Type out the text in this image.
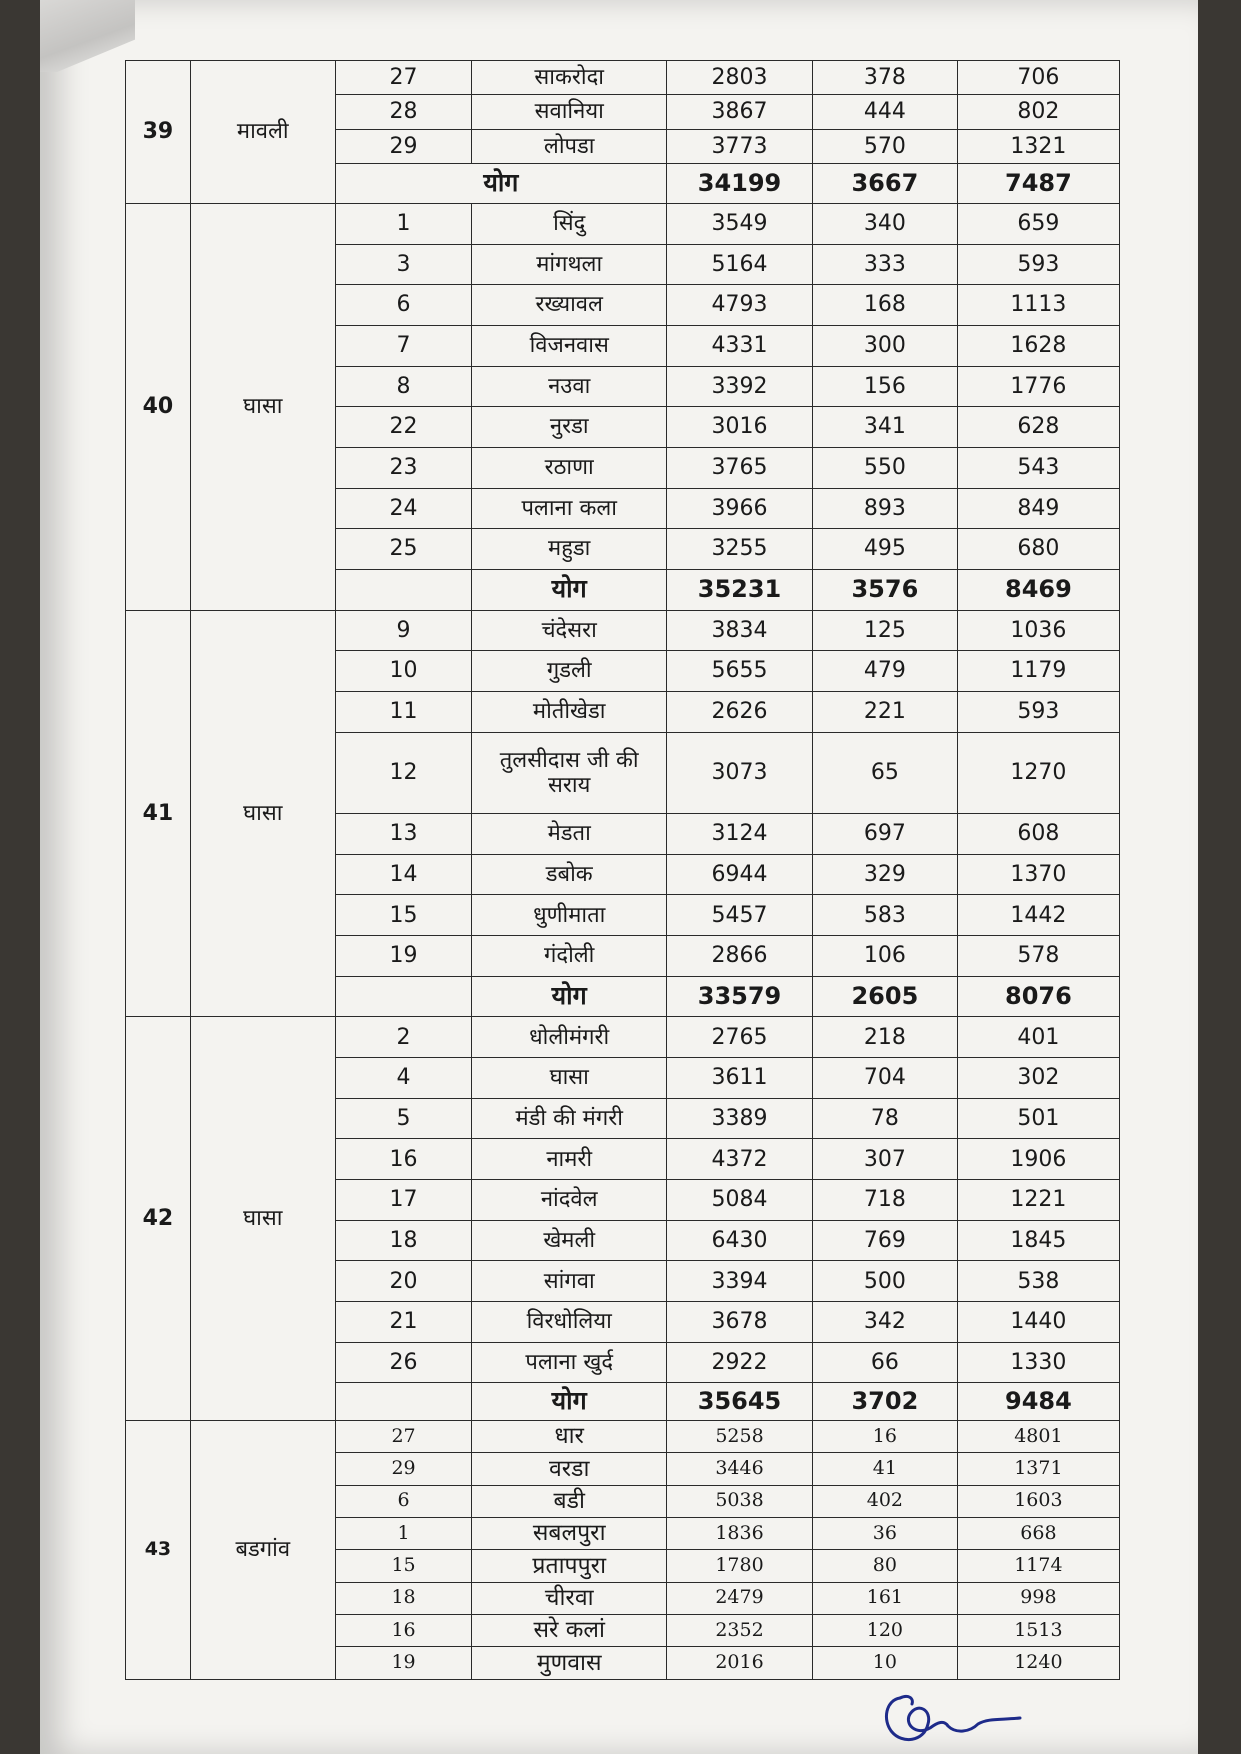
39	मावली	27	साकरोदा	2803	378	706
		28	सवानिया	3867	444	802
		29	लोपडा	3773	570	1321
		योग		34199	3667	7487
40	घासा	1	सिंदु	3549	340	659
		3	मांगथला	5164	333	593
		6	रख्यावल	4793	168	1113
		7	विजनवास	4331	300	1628
		8	नउवा	3392	156	1776
		22	नुरडा	3016	341	628
		23	रठाणा	3765	550	543
		24	पलाना कला	3966	893	849
		25	महुडा	3255	495	680
			योग	35231	3576	8469
41	घासा	9	चंदेसरा	3834	125	1036
		10	गुडली	5655	479	1179
		11	मोतीखेडा	2626	221	593
		12	तुलसीदास जी की सराय	3073	65	1270
		13	मेडता	3124	697	608
		14	डबोक	6944	329	1370
		15	धुणीमाता	5457	583	1442
		19	गंदोली	2866	106	578
			योग	33579	2605	8076
42	घासा	2	धोलीमंगरी	2765	218	401
		4	घासा	3611	704	302
		5	मंडी की मंगरी	3389	78	501
		16	नामरी	4372	307	1906
		17	नांदवेल	5084	718	1221
		18	खेमली	6430	769	1845
		20	सांगवा	3394	500	538
		21	विरधोलिया	3678	342	1440
		26	पलाना खुर्द	2922	66	1330
			योग	35645	3702	9484
43	बडगांव	27	धार	5258	16	4801
		29	वरडा	3446	41	1371
		6	बडी	5038	402	1603
		1	सबलपुरा	1836	36	668
		15	प्रतापपुरा	1780	80	1174
		18	चीरवा	2479	161	998
		16	सरे कलां	2352	120	1513
		19	मुणवास	2016	10	1240
